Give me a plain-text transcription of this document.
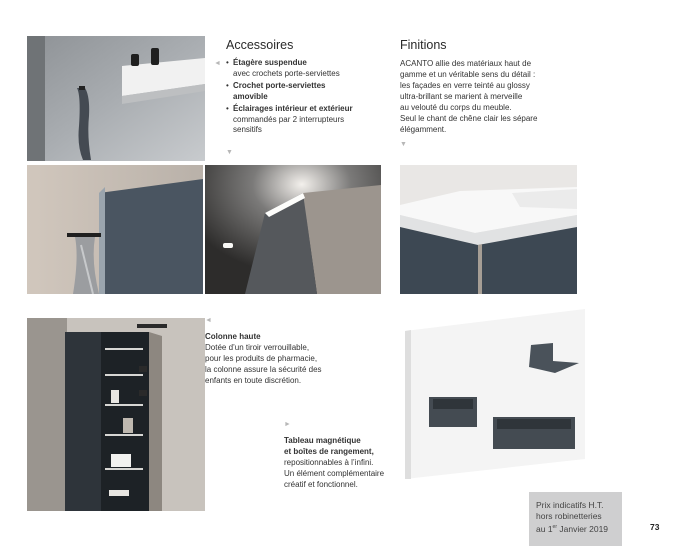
Accessoires
◄ • Étagère suspendue
avec crochets porte-serviettes
• Crochet porte-serviettes amovible
• Éclairages intérieur et extérieur commandés par 2 interrupteurs sensitifs
▼
Finitions
ACANTO allie des matériaux haut de
gamme et un véritable sens du détail :
les façades en verre teinté au glossy
ultra-brillant se marient à merveille
au velouté du corps du meuble.
Seul le chant de chêne clair les sépare
élégamment.
▼
◄
Colonne haute
Dotée d’un tiroir verrouillable,
pour les produits de pharmacie,
la colonne assure la sécurité des
enfants en toute discrétion.
►
Tableau magnétique
et boîtes de rangement,
repositionnables à l’infini.
Un élément complémentaire
créatif et fonctionnel.
Prix indicatifs H.T.
hors robinetteries
au 1er Janvier 2019	73
